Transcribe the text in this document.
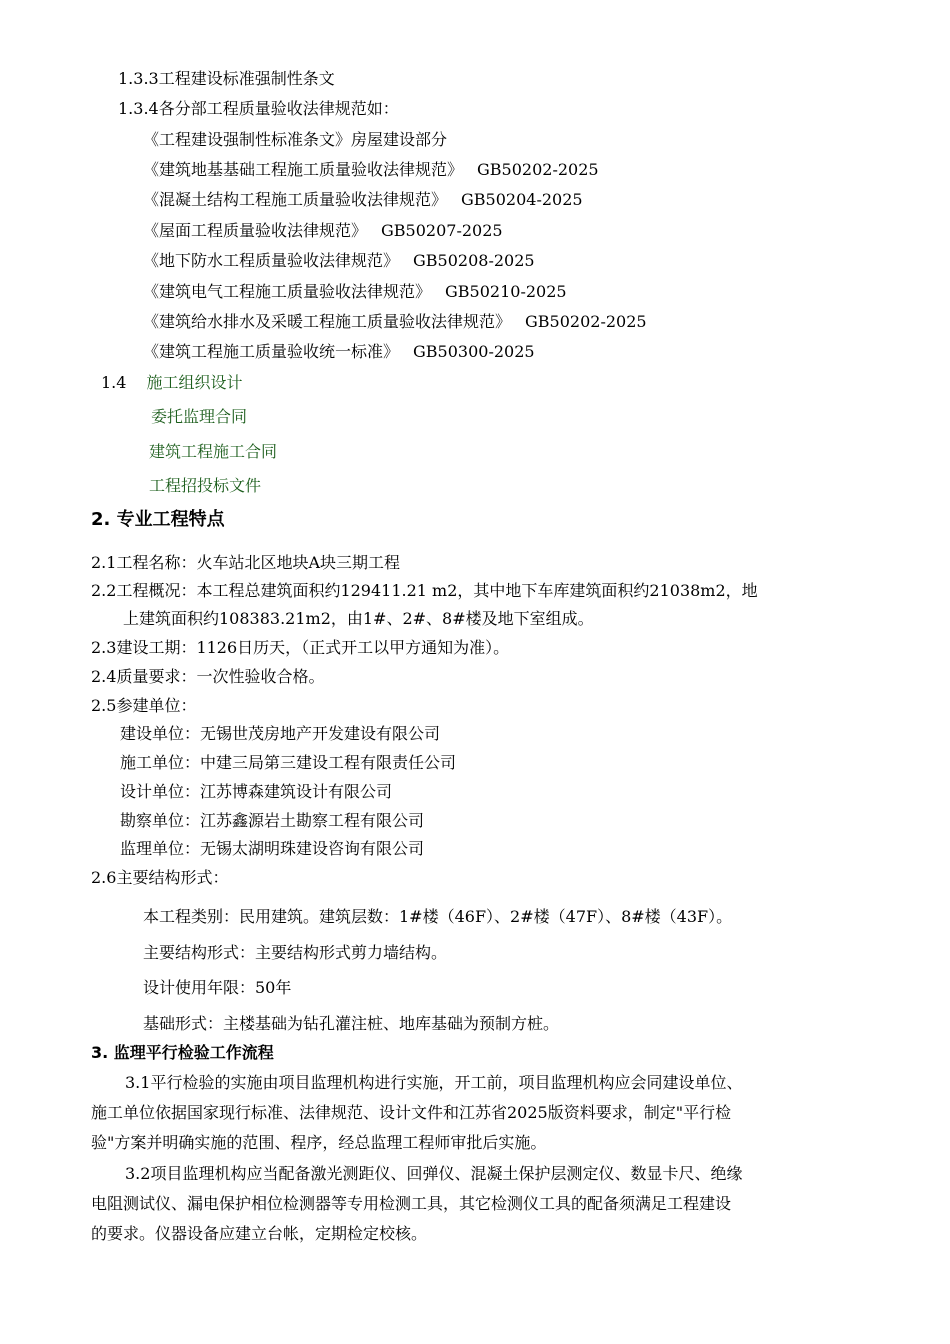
1.3.3工程建设标准强制性条文
1.3.4各分部工程质量验收法律规范如：
《工程建设强制性标准条文》房屋建设部分
《建筑地基基础工程施工质量验收法律规范》 GB50202-2025
《混凝土结构工程施工质量验收法律规范》 GB50204-2025
《屋面工程质量验收法律规范》 GB50207-2025
《地下防水工程质量验收法律规范》 GB50208-2025
《建筑电气工程施工质量验收法律规范》 GB50210-2025
《建筑给水排水及采暖工程施工质量验收法律规范》 GB50202-2025
《建筑工程施工质量验收统一标准》 GB50300-2025
1.4 施工组织设计
委托监理合同
建筑工程施工合同
工程招投标文件
2. 专业工程特点
2.1工程名称：火车站北区地块A块三期工程
2.2工程概况：本工程总建筑面积约129411.21 m2，其中地下车库建筑面积约21038m2，地
上建筑面积约108383.21m2，由1#、2#、8#楼及地下室组成。
2.3建设工期：1126日历天，（正式开工以甲方通知为准）。
2.4质量要求：一次性验收合格。
2.5参建单位：
建设单位：无锡世茂房地产开发建设有限公司
施工单位：中建三局第三建设工程有限责任公司
设计单位：江苏博森建筑设计有限公司
勘察单位：江苏鑫源岩土勘察工程有限公司
监理单位：无锡太湖明珠建设咨询有限公司
2.6主要结构形式：
本工程类别：民用建筑。建筑层数：1#楼（46F）、2#楼（47F）、8#楼（43F）。
主要结构形式：主要结构形式剪力墙结构。
设计使用年限：50年
基础形式：主楼基础为钻孔灌注桩、地库基础为预制方桩。
3. 监理平行检验工作流程
3.1平行检验的实施由项目监理机构进行实施，开工前，项目监理机构应会同建设单位、
施工单位依据国家现行标准、法律规范、设计文件和江苏省2025版资料要求，制定"平行检
验"方案并明确实施的范围、程序，经总监理工程师审批后实施。
3.2项目监理机构应当配备激光测距仪、回弹仪、混凝土保护层测定仪、数显卡尺、绝缘
电阻测试仪、漏电保护相位检测器等专用检测工具，其它检测仪工具的配备须满足工程建设
的要求。仪器设备应建立台帐，定期检定校核。
